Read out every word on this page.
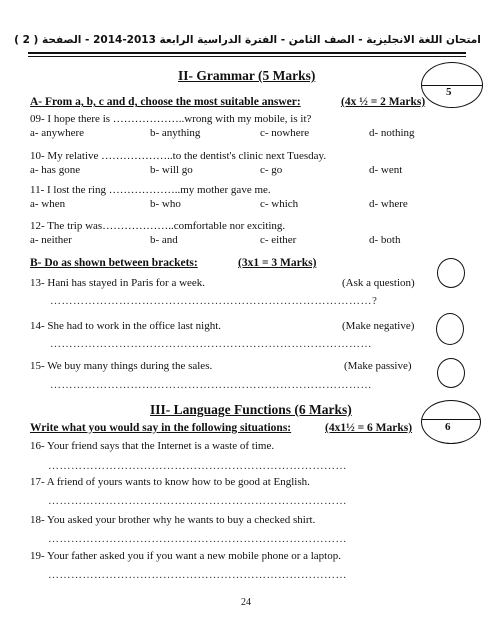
امتحان اللغة الانجليزية - الصف الثامن - الفترة الدراسية الرابعة 2013-2014 - الصفحة ( 2 )
II- Grammar (5 Marks)
5
A- From a, b, c and d, choose the most suitable answer:	(4x ½ = 2 Marks)
09- I hope there is ………………..wrong with my mobile, is it?
a- anywhere	b- anything	c- nowhere	d- nothing
10- My relative ………………..to the dentist's clinic next Tuesday.
a- has gone	b- will go	c- go	d- went
11- I lost the ring ………………..my mother gave me.
a- when	b- who	c- which	d- where
12- The trip was………………..comfortable nor exciting.
a- neither	b- and	c- either	d- both
B- Do as shown between brackets:	(3x1 = 3 Marks)
13- Hani has stayed in Paris for a week.	(Ask a question)
…………………………………………………………………………?
14- She had to work in the office last night.	(Make negative)
…………………………………………………………………………
15- We buy many things during the sales.	(Make passive)
…………………………………………………………………………
III- Language Functions (6 Marks)
6
Write what you would say in the following situations:	(4x1½ = 6 Marks)
16- Your friend says that the Internet is a waste of time.
……………………………………………………………………
17- A friend of yours wants to know how to be good at English.
……………………………………………………………………
18- You asked your brother why he wants to buy a checked shirt.
……………………………………………………………………
19- Your father asked you if you want a new mobile phone or a laptop.
……………………………………………………………………
24
